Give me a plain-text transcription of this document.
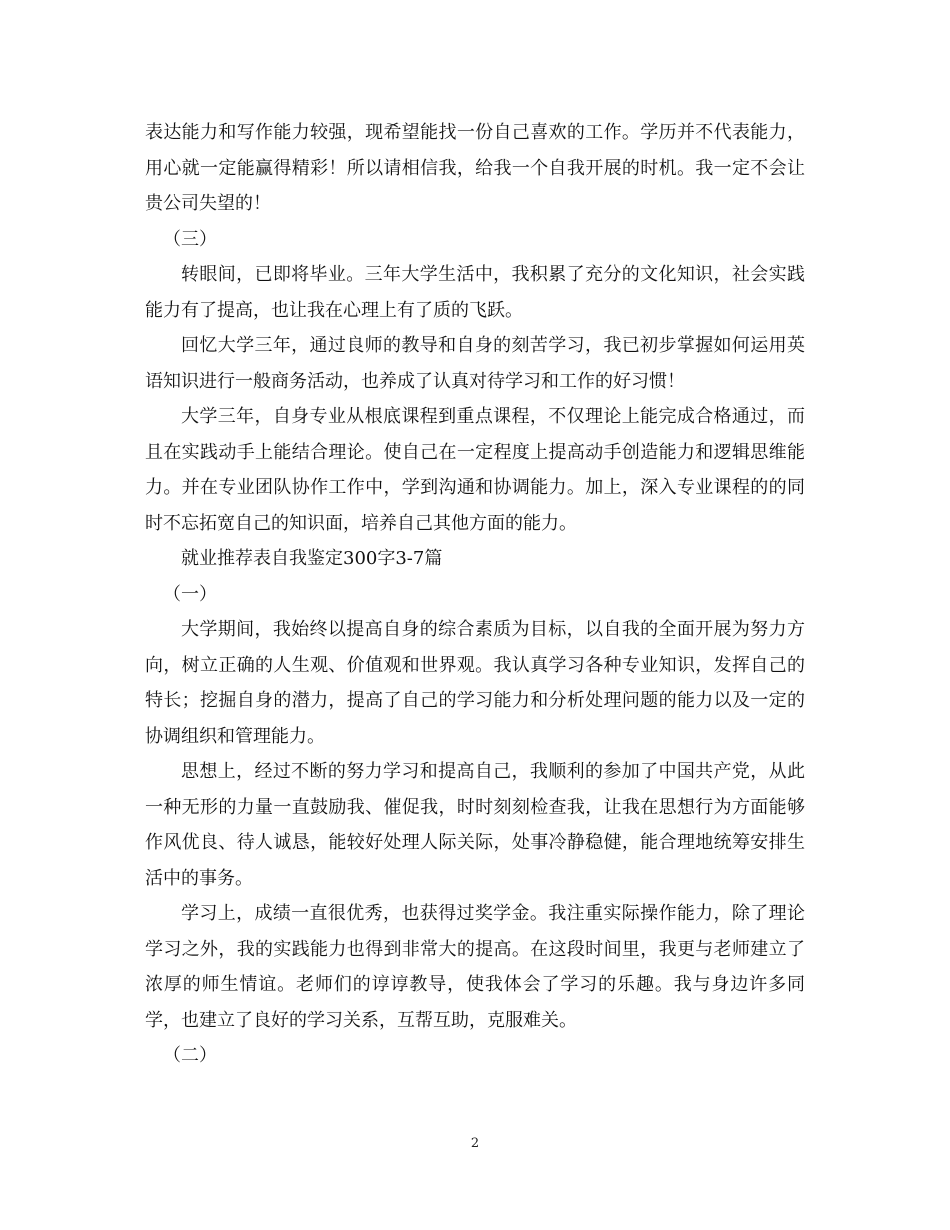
表达能力和写作能力较强，现希望能找一份自己喜欢的工作。学历并不代表能力，用心就一定能赢得精彩！所以请相信我，给我一个自我开展的时机。我一定不会让贵公司失望的！

（三）

转眼间，已即将毕业。三年大学生活中，我积累了充分的文化知识，社会实践能力有了提高，也让我在心理上有了质的飞跃。

回忆大学三年，通过良师的教导和自身的刻苦学习，我已初步掌握如何运用英语知识进行一般商务活动，也养成了认真对待学习和工作的好习惯！

大学三年，自身专业从根底课程到重点课程，不仅理论上能完成合格通过，而且在实践动手上能结合理论。使自己在一定程度上提高动手创造能力和逻辑思维能力。并在专业团队协作工作中，学到沟通和协调能力。加上，深入专业课程的的同时不忘拓宽自己的知识面，培养自己其他方面的能力。

就业推荐表自我鉴定300字3-7篇

（一）

大学期间，我始终以提高自身的综合素质为目标，以自我的全面开展为努力方向，树立正确的人生观、价值观和世界观。我认真学习各种专业知识，发挥自己的特长；挖掘自身的潜力，提高了自己的学习能力和分析处理问题的能力以及一定的协调组织和管理能力。

思想上，经过不断的努力学习和提高自己，我顺利的参加了中国共产党，从此一种无形的力量一直鼓励我、催促我，时时刻刻检查我，让我在思想行为方面能够作风优良、待人诚恳，能较好处理人际关际，处事冷静稳健，能合理地统筹安排生活中的事务。

学习上，成绩一直很优秀，也获得过奖学金。我注重实际操作能力，除了理论学习之外，我的实践能力也得到非常大的提高。在这段时间里，我更与老师建立了浓厚的师生情谊。老师们的谆谆教导，使我体会了学习的乐趣。我与身边许多同学，也建立了良好的学习关系，互帮互助，克服难关。

（二）

2
